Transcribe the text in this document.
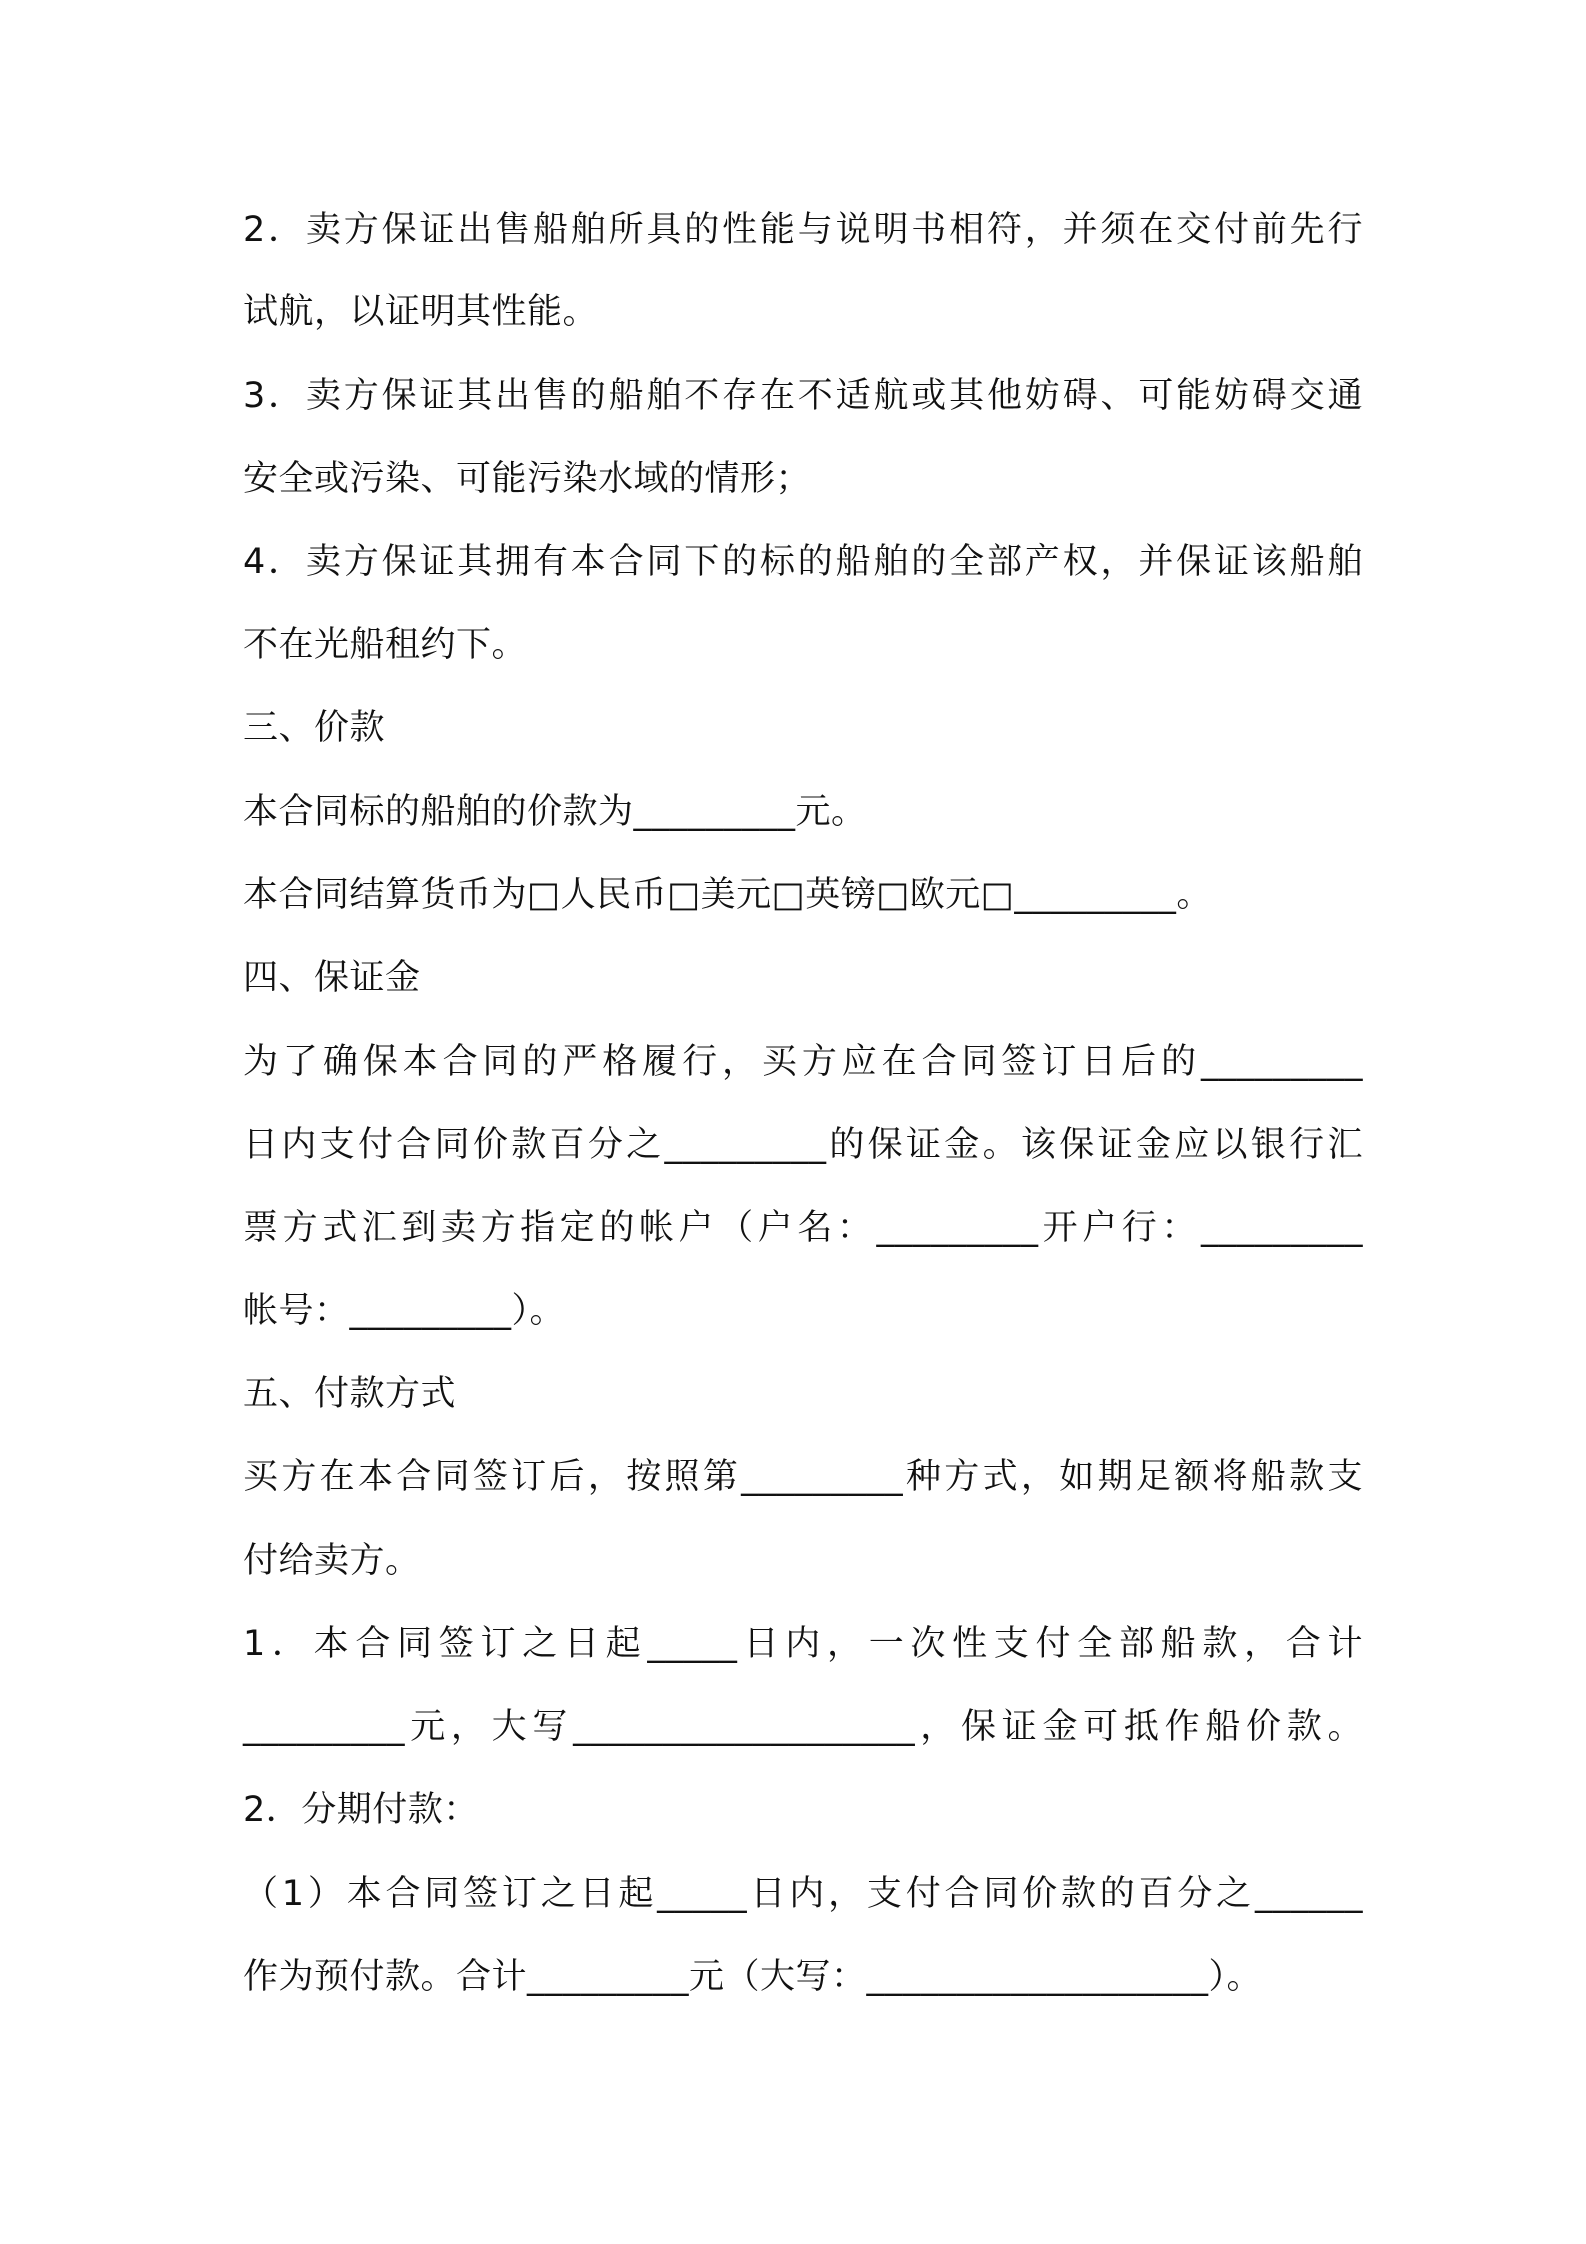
2．卖方保证出售船舶所具的性能与说明书相符，并须在交付前先行
试航，以证明其性能。
3．卖方保证其出售的船舶不存在不适航或其他妨碍、可能妨碍交通
安全或污染、可能污染水域的情形；
4．卖方保证其拥有本合同下的标的船舶的全部产权，并保证该船舶
不在光船租约下。
三、价款
本合同标的船舶的价款为_________元。
本合同结算货币为□人民币□美元□英镑□欧元□_________。
四、保证金
为了确保本合同的严格履行，买方应在合同签订日后的_________
日内支付合同价款百分之_________的保证金。该保证金应以银行汇
票方式汇到卖方指定的帐户（户名：_________开户行：_________
帐号：_________）。
五、付款方式
买方在本合同签订后，按照第_________种方式，如期足额将船款支
付给卖方。
1．本合同签订之日起_____日内，一次性支付全部船款，合计
_________元，大写___________________，保证金可抵作船价款。
2．分期付款：
（1）本合同签订之日起_____日内，支付合同价款的百分之______
作为预付款。合计_________元（大写：___________________）。
